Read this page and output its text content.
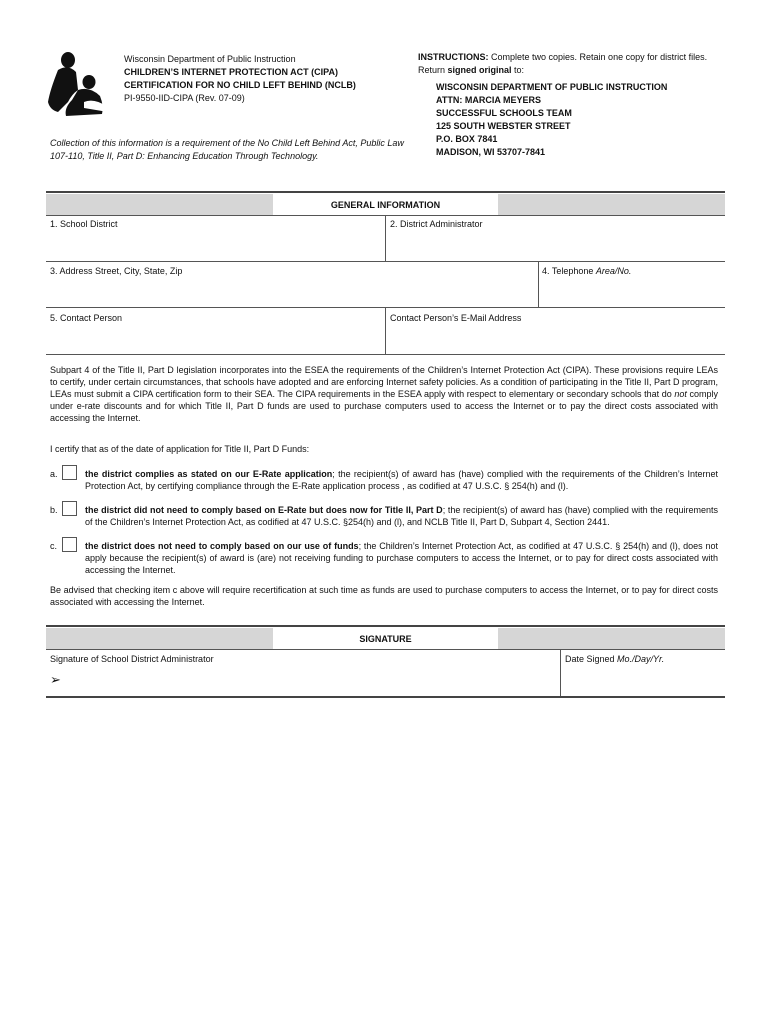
Wisconsin Department of Public Instruction
CHILDREN’S INTERNET PROTECTION ACT (CIPA)
CERTIFICATION FOR NO CHILD LEFT BEHIND (NCLB)
PI-9550-IID-CIPA (Rev. 07-09)
INSTRUCTIONS: Complete two copies. Retain one copy for district files. Return signed original to:
WISCONSIN DEPARTMENT OF PUBLIC INSTRUCTION
ATTN: MARCIA MEYERS
SUCCESSFUL SCHOOLS TEAM
125 SOUTH WEBSTER STREET
P.O. BOX 7841
MADISON, WI 53707-7841
Collection of this information is a requirement of the No Child Left Behind Act, Public Law 107-110, Title II, Part D: Enhancing Education Through Technology.
GENERAL INFORMATION
1. School District	2. District Administrator
3. Address Street, City, State, Zip	4. Telephone Area/No.
5. Contact Person	Contact Person’s E-Mail Address
Subpart 4 of the Title II, Part D legislation incorporates into the ESEA the requirements of the Children’s Internet Protection Act (CIPA). These provisions require LEAs to certify, under certain circumstances, that schools have adopted and are enforcing Internet safety policies. As a condition of participating in the Title II, Part D program, LEAs must submit a CIPA certification form to their SEA. The CIPA requirements in the ESEA apply with respect to elementary or secondary schools that do not comply under e-rate discounts and for which Title II, Part D funds are used to purchase computers used to access the Internet or to pay the direct costs associated with accessing the Internet.
I certify that as of the date of application for Title II, Part D Funds:
a.	the district complies as stated on our E-Rate application; the recipient(s) of award has (have) complied with the requirements of the Children’s Internet Protection Act, by certifying compliance through the E-Rate application process , as codified at 47 U.S.C. § 254(h) and (l).
b.	the district did not need to comply based on E-Rate but does now for Title II, Part D; the recipient(s) of award has (have) complied with the requirements of the Children’s Internet Protection Act, as codified at 47 U.S.C. §254(h) and (l), and NCLB Title II, Part D, Subpart 4, Section 2441.
c.	the district does not need to comply based on our use of funds; the Children’s Internet Protection Act, as codified at 47 U.S.C. § 254(h) and (l), does not apply because the recipient(s) of award is (are) not receiving funding to purchase computers to access the Internet, or to pay for direct costs associated with accessing the Internet.
Be advised that checking item c above will require recertification at such time as funds are used to purchase computers to access the Internet, or to pay for direct costs associated with accessing the Internet.
SIGNATURE
Signature of School District Administrator
➢
Date Signed Mo./Day/Yr.
